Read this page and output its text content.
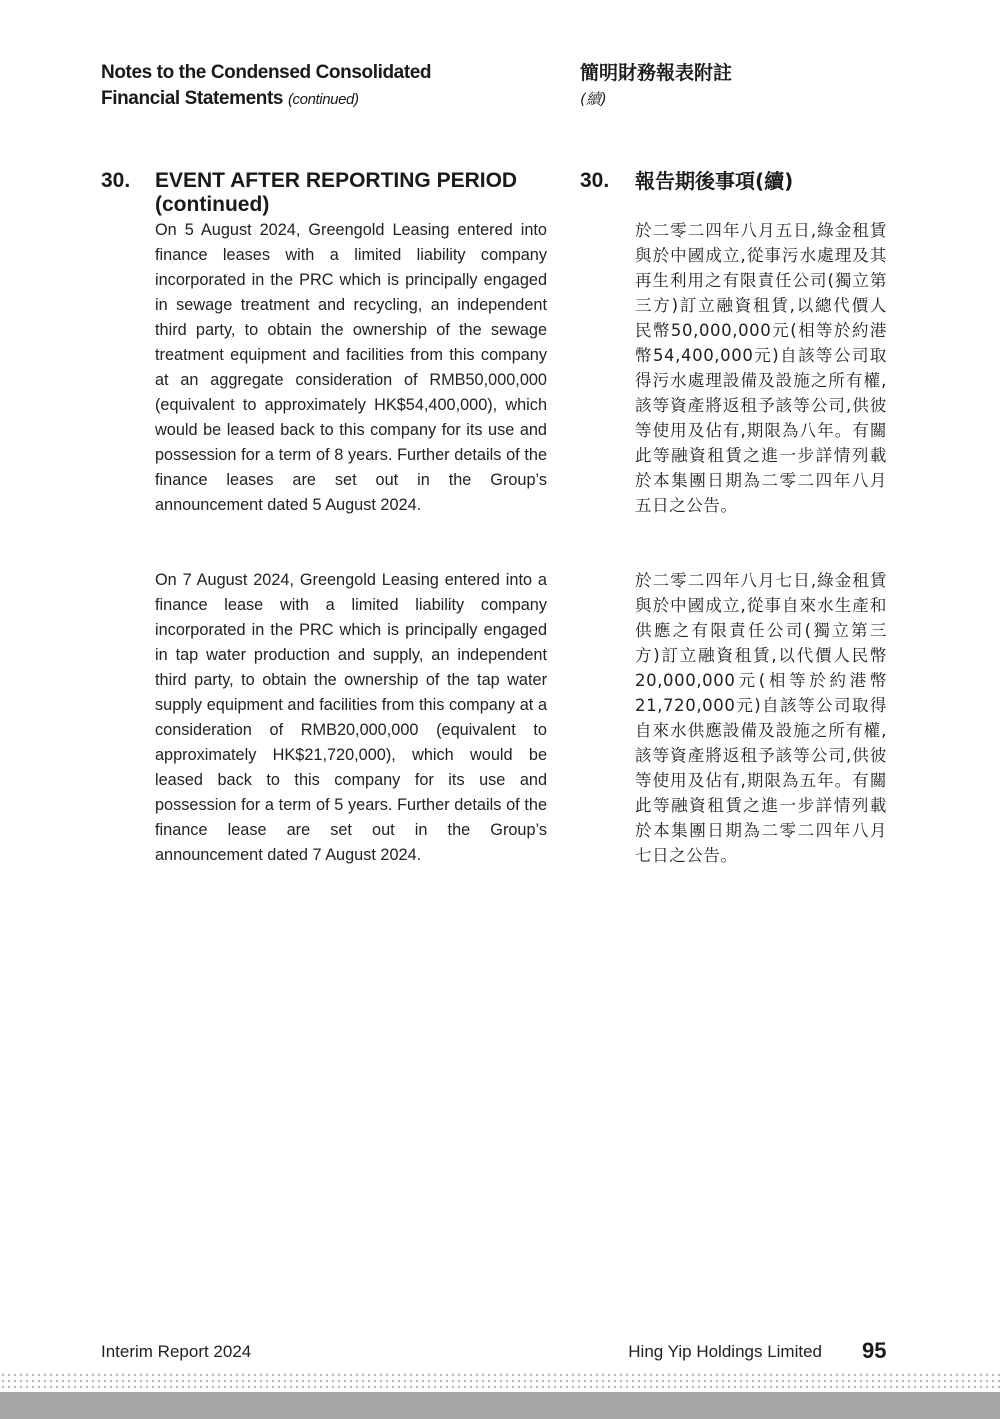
Notes to the Condensed Consolidated
Financial Statements (continued)
簡明財務報表附註
(續)
30. EVENT AFTER REPORTING PERIOD (continued)
30. 報告期後事項(續)

On 5 August 2024, Greengold Leasing entered into finance leases with a limited liability company incorporated in the PRC which is principally engaged in sewage treatment and recycling, an independent third party, to obtain the ownership of the sewage treatment equipment and facilities from this company at an aggregate consideration of RMB50,000,000 (equivalent to approximately HK$54,400,000), which would be leased back to this company for its use and possession for a term of 8 years. Further details of the finance leases are set out in the Group’s announcement dated 5 August 2024.

On 7 August 2024, Greengold Leasing entered into a finance lease with a limited liability company incorporated in the PRC which is principally engaged in tap water production and supply, an independent third party, to obtain the ownership of the tap water supply equipment and facilities from this company at a consideration of RMB20,000,000 (equivalent to approximately HK$21,720,000), which would be leased back to this company for its use and possession for a term of 5 years. Further details of the finance lease are set out in the Group’s announcement dated 7 August 2024.

於二零二四年八月五日,綠金租賃與於中國成立,從事污水處理及其再生利用之有限責任公司(獨立第三方)訂立融資租賃,以總代價人民幣50,000,000元(相等於約港幣54,400,000元)自該等公司取得污水處理設備及設施之所有權,該等資產將返租予該等公司,供彼等使用及佔有,期限為八年。有關此等融資租賃之進一步詳情列載於本集團日期為二零二四年八月五日之公告。

於二零二四年八月七日,綠金租賃與於中國成立,從事自來水生產和供應之有限責任公司(獨立第三方)訂立融資租賃,以代價人民幣20,000,000元(相等於約港幣21,720,000元)自該等公司取得自來水供應設備及設施之所有權,該等資產將返租予該等公司,供彼等使用及佔有,期限為五年。有關此等融資租賃之進一步詳情列載於本集團日期為二零二四年八月七日之公告。

Interim Report 2024	Hing Yip Holdings Limited 95
